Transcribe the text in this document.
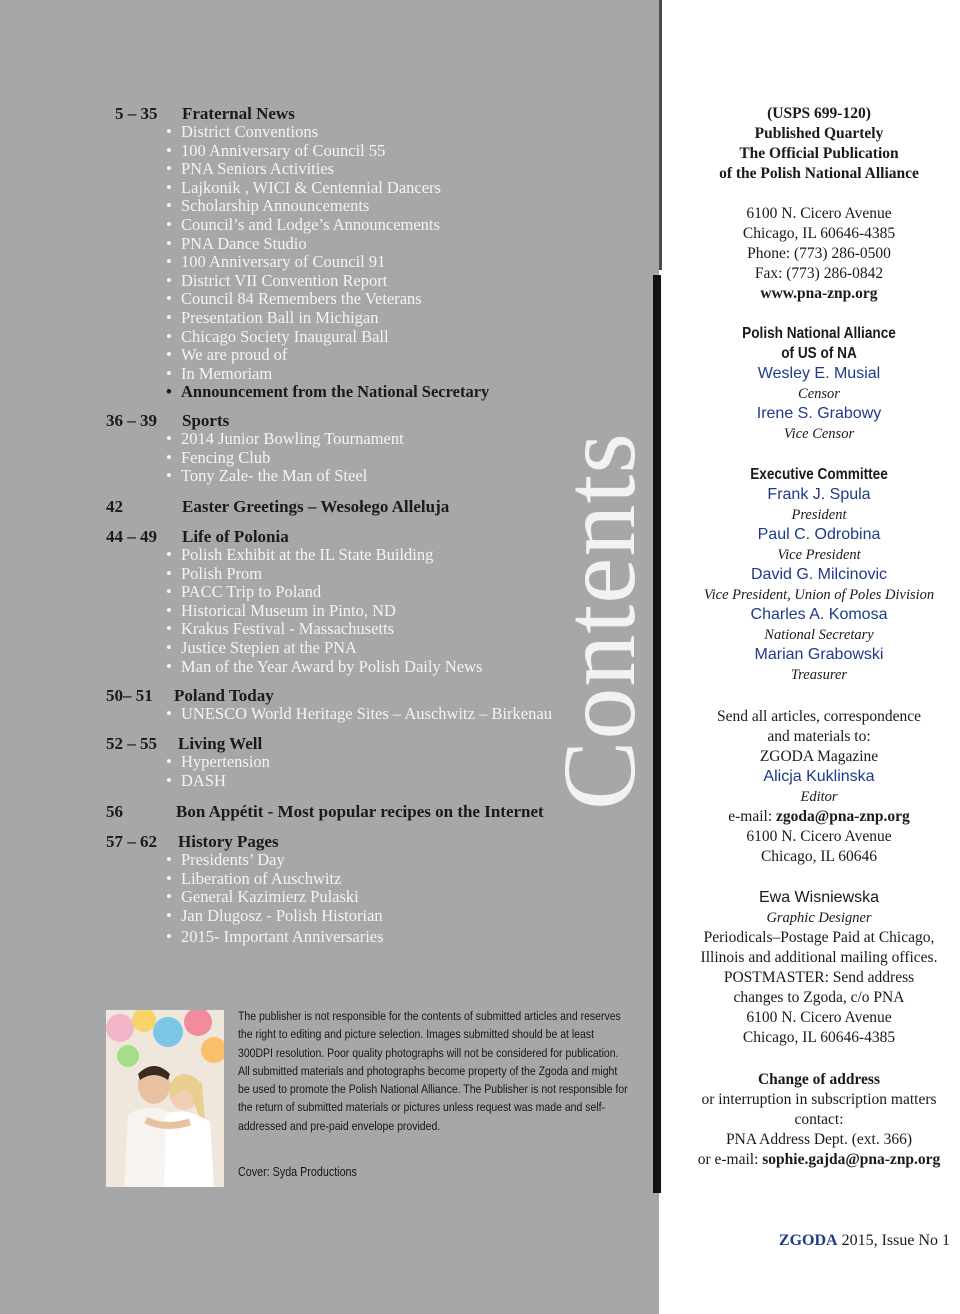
Contents
5 – 35 Fraternal News
• District Conventions
• 100 Anniversary of Council 55
• PNA Seniors Activities
• Lajkonik , WICI & Centennial Dancers
• Scholarship Announcements
• Council’s and Lodge’s Announcements
• PNA Dance Studio
• 100 Anniversary of Council 91
• District VII Convention Report
• Council 84 Remembers the Veterans
• Presentation Ball in Michigan
• Chicago Society Inaugural Ball
• We are proud of
• In Memoriam
• Announcement from the National Secretary
36 – 39 Sports
• 2014 Junior Bowling Tournament
• Fencing Club
• Tony Zale- the Man of Steel
42	Easter Greetings – Wesołego Alleluja
44 – 49 Life of Polonia
• Polish Exhibit at the IL State Building
• Polish Prom
• PACC Trip to Poland
• Historical Museum in Pinto, ND
• Krakus Festival - Massachusetts
• Justice Stepien at the PNA
• Man of the Year Award by Polish Daily News
50– 51 Poland Today
• UNESCO World Heritage Sites – Auschwitz – Birkenau
52 – 55 Living Well
• Hypertension
• DASH
56	Bon Appétit - Most popular recipes on the Internet
57 – 62 History Pages
• Presidents’ Day
• Liberation of Auschwitz
• General Kazimierz Pulaski
• Jan Dlugosz - Polish Historian
• 2015- Important Anniversaries
The publisher is not responsible for the contents of submitted articles and reserves the right to editing and picture selection. Images submitted should be at least 300DPI resolution. Poor quality photographs will not be considered for publication. All submitted materials and photographs become property of the Zgoda and might be used to promote the Polish National Alliance. The Publisher is not responsible for the return of submitted materials or pictures unless request was made and self-addressed and pre-paid envelope provided.
Cover: Syda Productions
(USPS 699-120)
Published Quartely
The Official Publication
of the Polish National Alliance
6100 N. Cicero Avenue
Chicago, IL 60646-4385
Phone: (773) 286-0500
Fax: (773) 286-0842
www.pna-znp.org
Polish National Alliance
of US of NA
Wesley E. Musial
Censor
Irene S. Grabowy
Vice Censor
Executive Committee
Frank J. Spula
President
Paul C. Odrobina
Vice President
David G. Milcinovic
Vice President, Union of Poles Division
Charles A. Komosa
National Secretary
Marian Grabowski
Treasurer
Send all articles, correspondence
and materials to:
ZGODA Magazine
Alicja Kuklinska
Editor
e-mail: zgoda@pna-znp.org
6100 N. Cicero Avenue
Chicago, IL 60646
Ewa Wisniewska
Graphic Designer
Periodicals–Postage Paid at Chicago,
Illinois and additional mailing offices.
POSTMASTER: Send address
changes to Zgoda, c/o PNA
6100 N. Cicero Avenue
Chicago, IL 60646-4385
Change of address
or interruption in subscription matters
contact:
PNA Address Dept. (ext. 366)
or e-mail: sophie.gajda@pna-znp.org
ZGODA 2015, Issue No 1
